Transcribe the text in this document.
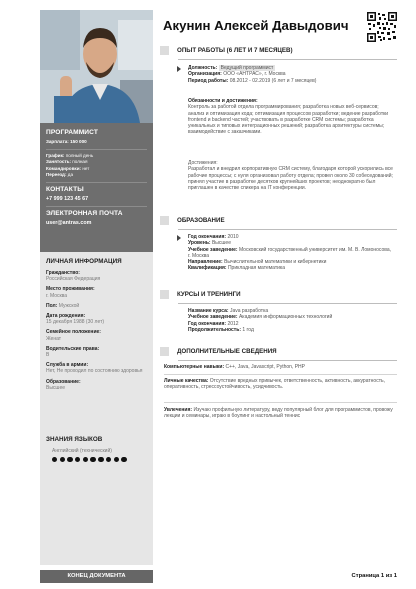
ПРОГРАММИСТ
Зарплата: 150 000
График: полный день
Занятость: полная
Командировки: нет
Переезд: да
КОНТАКТЫ
+7 999 123 45 67
ЭЛЕКТРОННАЯ ПОЧТА
user@antras.com
ЛИЧНАЯ ИНФОРМАЦИЯ
Гражданство:
Российская Федерация
Место проживания:
г. Москва
Пол: Мужской
Дата рождения:
15 декабря 1988 (30 лет)
Семейное положение:
Женат
Водительские права:
B
Служба в армии:
Нет, Не проходил по состоянию здоровья
Образование:
Высшее
ЗНАНИЯ ЯЗЫКОВ
Английский (технический)
КОНЕЦ ДОКУМЕНТА	Страница 1 из 1
Акунин Алексей Давыдович
ОПЫТ РАБОТЫ (6 ЛЕТ И 7 МЕСЯЦЕВ)

Должность: Ведущий программист

Организация: ООО «АНТРАС», г. Москва

Период работы: 08.2012 - 02.2019 (6 лет и 7 месяцев)

Обязанности и достижения:

Контроль за работой отдела программирования; разработка новых веб-сервисов; анализ и оптимизация кода; оптимизация процессов разработки; ведение разработки frontend и backend частей; участвовать в разработке CRM системы; разработка уникальных и типовых интеграционных решений; разработка архитектуры системы; взаимодействие с заказчиками.

Достижения:

Разработал и внедрил корпоративную CRM систему, благодаря которой ускорились все рабочие процессы; с нуля организовал работу отдела; провел около 30 собеседований; принял участие в разработке десятков крупнейших проектов; неоднократно был приглашен в качестве спикера на IT конференции.

ОБРАЗОВАНИЕ

Год окончания: 2010

Уровень: Высшее

Учебное заведение: Московский государственный университет им. М. В. Ломоносова, г. Москва

Направление: Вычислительной математики и кибернетики

Квалификация: Прикладная математика

КУРСЫ И ТРЕНИНГИ

Название курса: Java разработка

Учебное заведение: Академия информационных технологий

Год окончания: 2012

Продолжительность: 1 год

ДОПОЛНИТЕЛЬНЫЕ СВЕДЕНИЯ
Компьютерные навыки: C++, Java, Javascript, Python, PHP
Личные качества: Отсутствие вредных привычек, ответственность, активность, аккуратность, оперативность, стрессоустойчивость, усидчивость.
Увлечения: Изучаю профильную литературу, веду популярный блог для программистов, провожу лекции и семинары, играю в боулинг и настольный теннис
